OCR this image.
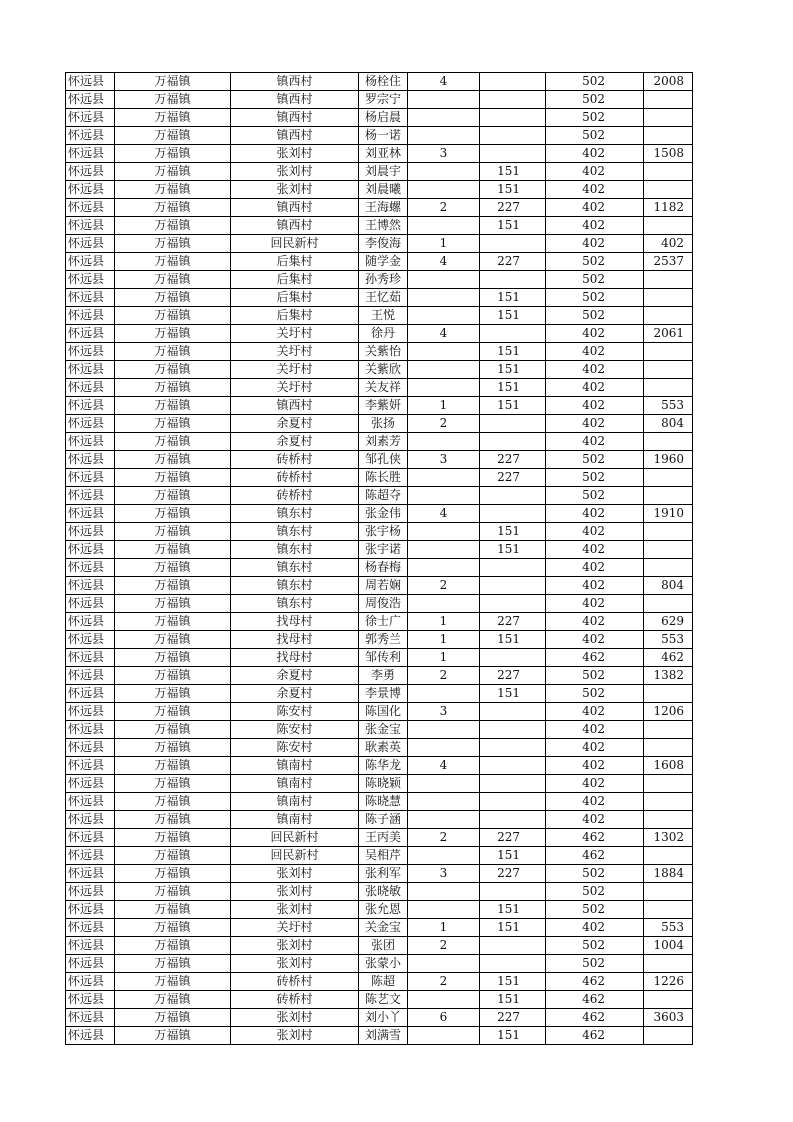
怀远县	万福镇	镇西村	杨栓住	4		502	2008
怀远县	万福镇	镇西村	罗宗宁			502	
怀远县	万福镇	镇西村	杨启晨			502	
怀远县	万福镇	镇西村	杨一诺			502	
怀远县	万福镇	张刘村	刘亚林	3		402	1508
怀远县	万福镇	张刘村	刘晨宇		151	402	
怀远县	万福镇	张刘村	刘晨曦		151	402	
怀远县	万福镇	镇西村	王海螺	2	227	402	1182
怀远县	万福镇	镇西村	王博然		151	402	
怀远县	万福镇	回民新村	李俊海	1		402	402
怀远县	万福镇	后集村	随学金	4	227	502	2537
怀远县	万福镇	后集村	孙秀珍			502	
怀远县	万福镇	后集村	王忆茹		151	502	
怀远县	万福镇	后集村	王悦		151	502	
怀远县	万福镇	关圩村	徐丹	4		402	2061
怀远县	万福镇	关圩村	关紫怡		151	402	
怀远县	万福镇	关圩村	关紫欣		151	402	
怀远县	万福镇	关圩村	关友祥		151	402	
怀远县	万福镇	镇西村	李紫妍	1	151	402	553
怀远县	万福镇	余夏村	张扬	2		402	804
怀远县	万福镇	余夏村	刘素芳			402	
怀远县	万福镇	砖桥村	邹孔侠	3	227	502	1960
怀远县	万福镇	砖桥村	陈长胜		227	502	
怀远县	万福镇	砖桥村	陈超夺			502	
怀远县	万福镇	镇东村	张金伟	4		402	1910
怀远县	万福镇	镇东村	张宇杨		151	402	
怀远县	万福镇	镇东村	张宇诺		151	402	
怀远县	万福镇	镇东村	杨春梅			402	
怀远县	万福镇	镇东村	周若娴	2		402	804
怀远县	万福镇	镇东村	周俊浩			402	
怀远县	万福镇	找母村	徐士广	1	227	402	629
怀远县	万福镇	找母村	郭秀兰	1	151	402	553
怀远县	万福镇	找母村	邹传利	1		462	462
怀远县	万福镇	余夏村	李勇	2	227	502	1382
怀远县	万福镇	余夏村	李景博		151	502	
怀远县	万福镇	陈安村	陈国化	3		402	1206
怀远县	万福镇	陈安村	张金宝			402	
怀远县	万福镇	陈安村	耿素英			402	
怀远县	万福镇	镇南村	陈华龙	4		402	1608
怀远县	万福镇	镇南村	陈晓颖			402	
怀远县	万福镇	镇南村	陈晓慧			402	
怀远县	万福镇	镇南村	陈子涵			402	
怀远县	万福镇	回民新村	王丙美	2	227	462	1302
怀远县	万福镇	回民新村	吴相芹		151	462	
怀远县	万福镇	张刘村	张利军	3	227	502	1884
怀远县	万福镇	张刘村	张晓敏			502	
怀远县	万福镇	张刘村	张允恩		151	502	
怀远县	万福镇	关圩村	关金宝	1	151	402	553
怀远县	万福镇	张刘村	张团	2		502	1004
怀远县	万福镇	张刘村	张蒙小			502	
怀远县	万福镇	砖桥村	陈超	2	151	462	1226
怀远县	万福镇	砖桥村	陈艺文		151	462	
怀远县	万福镇	张刘村	刘小丫	6	227	462	3603
怀远县	万福镇	张刘村	刘满雪		151	462	
